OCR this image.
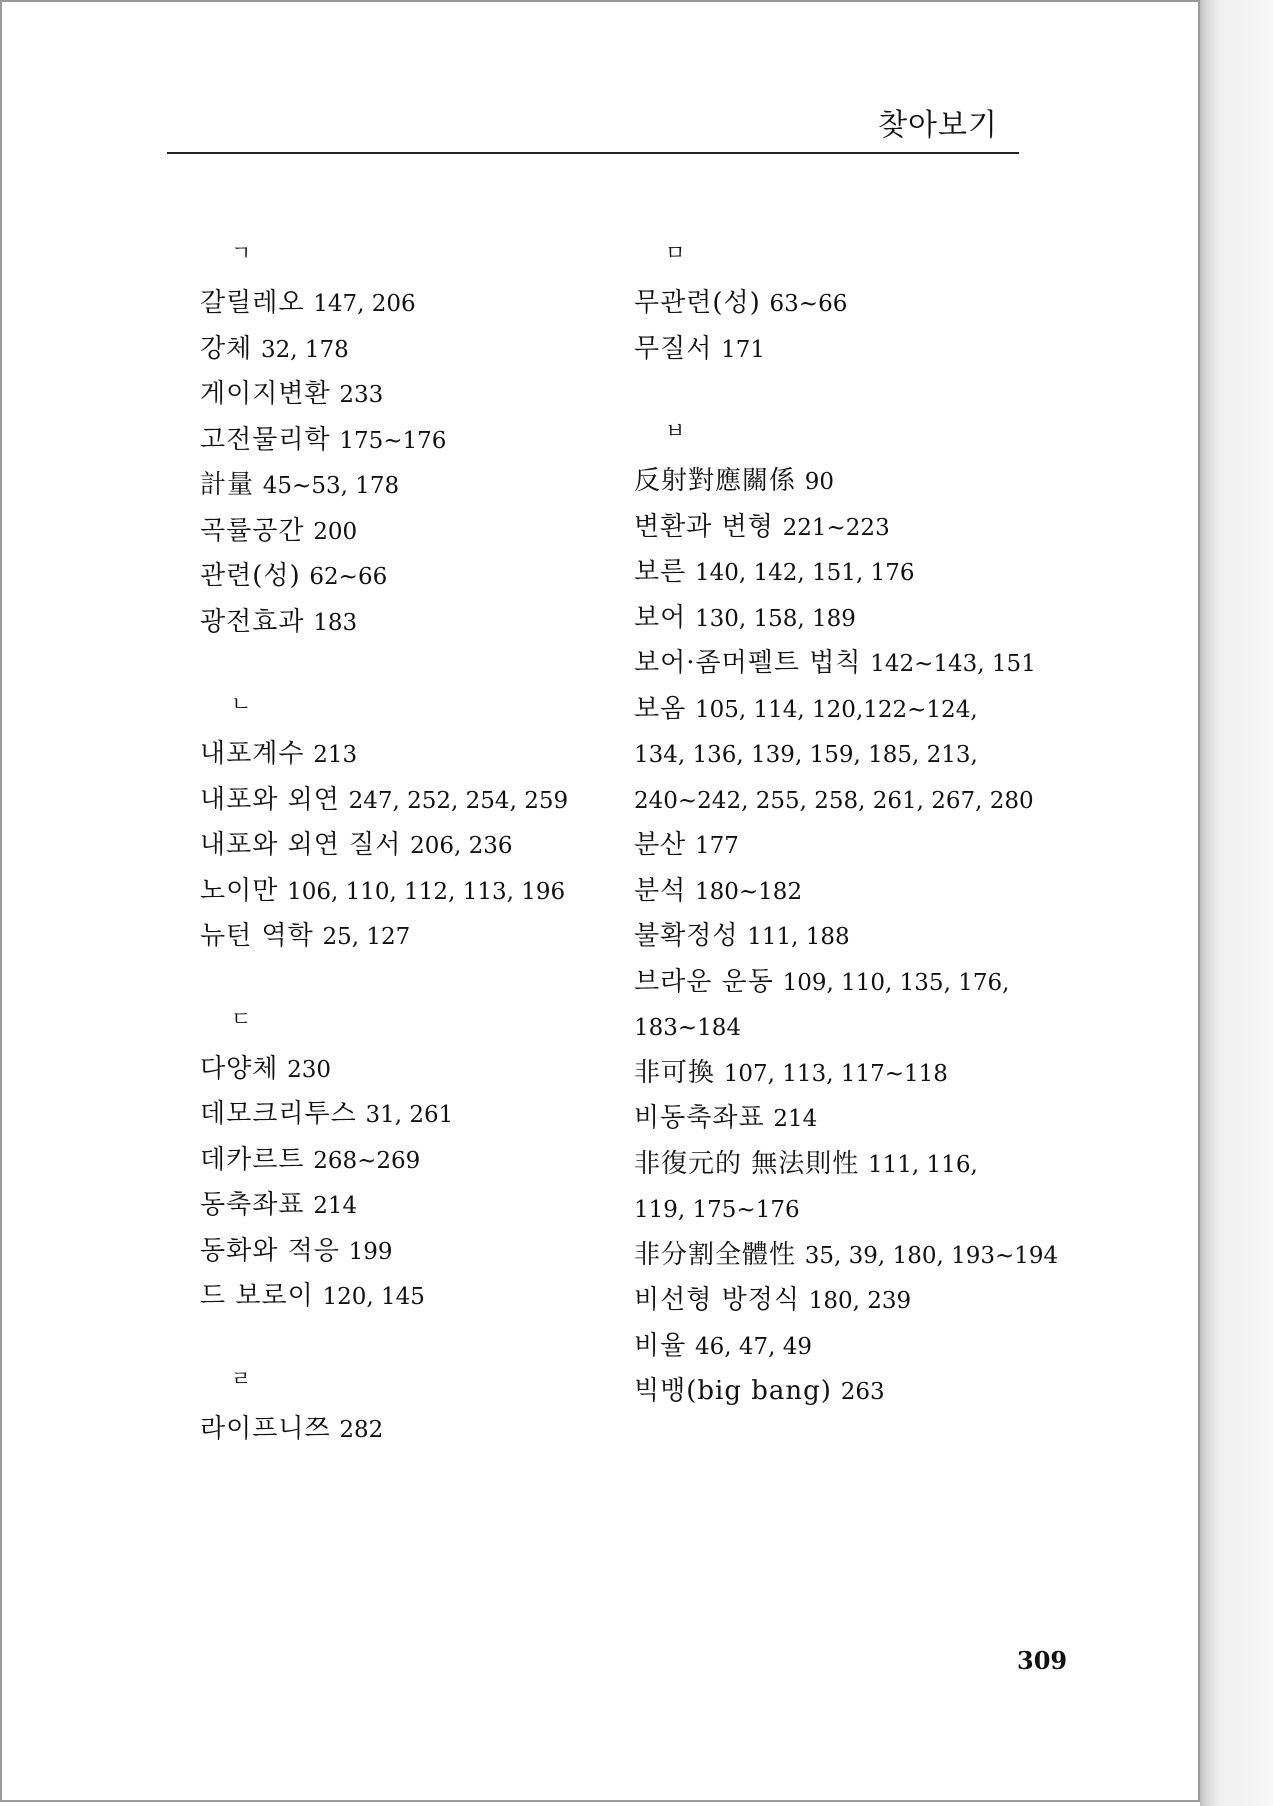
찾아보기
ㄱ
갈릴레오 147, 206
강체 32, 178
게이지변환 233
고전물리학 175~176
計量 45~53, 178
곡률공간 200
관련(성) 62~66
광전효과 183
ㄴ
내포계수 213
내포와 외연 247, 252, 254, 259
내포와 외연 질서 206, 236
노이만 106, 110, 112, 113, 196
뉴턴 역학 25, 127
ㄷ
다양체 230
데모크리투스 31, 261
데카르트 268~269
동축좌표 214
동화와 적응 199
드 보로이 120, 145
ㄹ
라이프니쯔 282
ㅁ
무관련(성) 63~66
무질서 171
ㅂ
反射對應關係 90
변환과 변형 221~223
보른 140, 142, 151, 176
보어 130, 158, 189
보어·좀머펠트 법칙 142~143, 151
보옴 105, 114, 120,122~124, 134, 136, 139, 159, 185, 213, 240~242, 255, 258, 261, 267, 280
분산 177
분석 180~182
불확정성 111, 188
브라운 운동 109, 110, 135, 176, 183~184
非可換 107, 113, 117~118
비동축좌표 214
非復元的 無法則性 111, 116, 119, 175~176
非分割全體性 35, 39, 180, 193~194
비선형 방정식 180, 239
비율 46, 47, 49
빅뱅(big bang) 263
309
